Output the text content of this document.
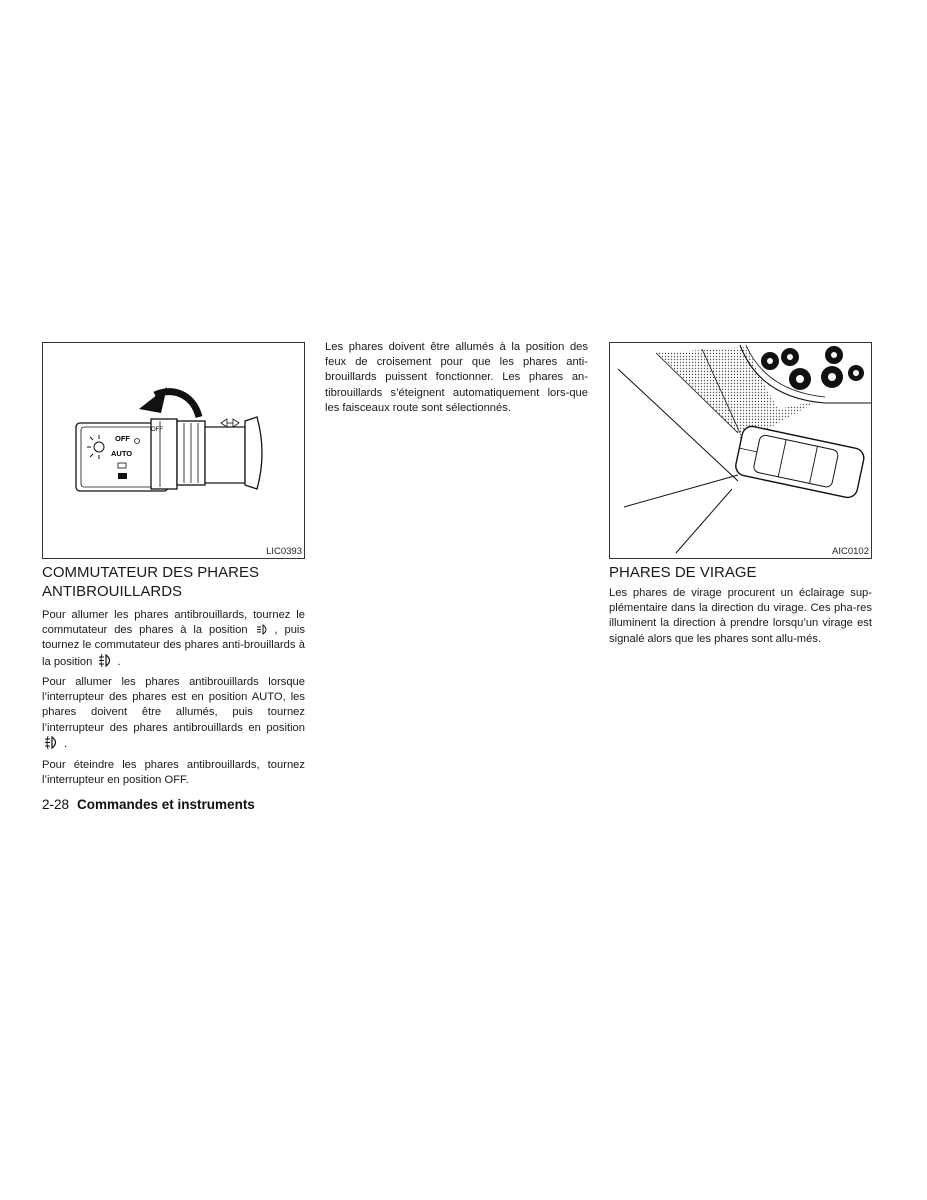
OFF
AUTO
OFF
LIC0393
COMMUTATEUR DES PHARES
ANTIBROUILLARDS

Pour allumer les phares antibrouillards, tournez le commutateur des phares à la position , puis tournez le commutateur des phares anti-brouillards à la position .

Pour allumer les phares antibrouillards lorsque l’interrupteur des phares est en position AUTO, les phares doivent être allumés, puis tournez l’interrupteur des phares antibrouillards en position .

Pour éteindre les phares antibrouillards, tournez l’interrupteur en position OFF.

Les phares doivent être allumés à la position des feux de croisement pour que les phares anti-brouillards puissent fonctionner. Les phares an-tibrouillards s’éteignent automatiquement lors-que les faisceaux route sont sélectionnés.

AIC0102
PHARES DE VIRAGE

Les phares de virage procurent un éclairage sup-plémentaire dans la direction du virage. Ces pha-res illuminent la direction à prendre lorsqu’un virage est signalé alors que les phares sont allu-més.

2-28 Commandes et instruments
